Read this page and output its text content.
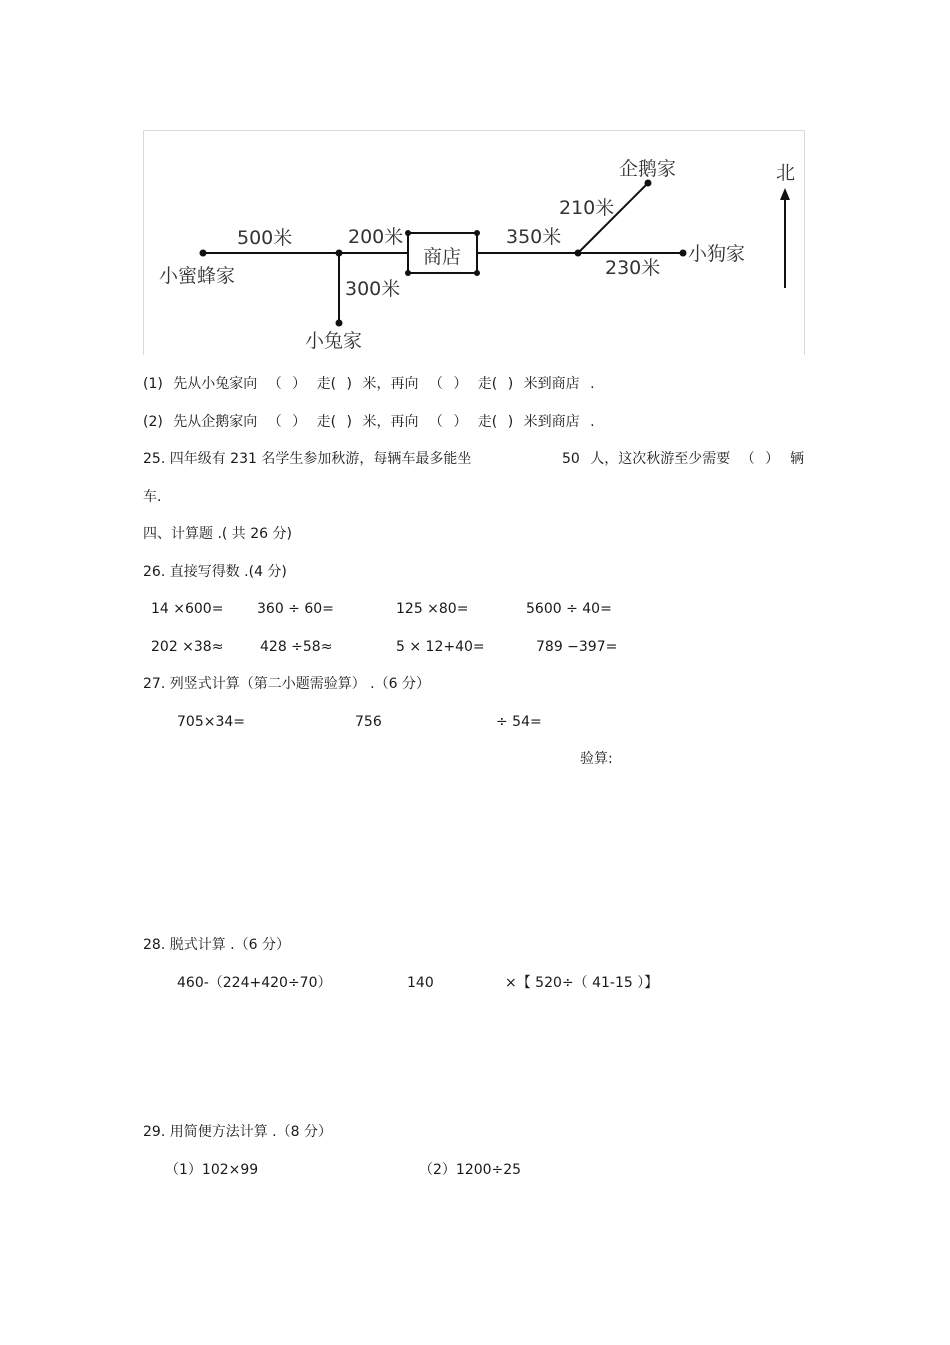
小蜜蜂家
小兔家
商店
企鹅家
小狗家
北
500米	200米
300米
350米
210米
230米
(1) 先从小兔家向 （ ） 走( ) 米，再向 （ ） 走( ) 米到商店 .
(2) 先从企鹅家向 （ ） 走( ) 米，再向 （ ） 走( ) 米到商店 .
25. 四年级有 231 名学生参加秋游，每辆车最多能坐	50 人，这次秋游至少需要 （ ） 辆
车.
四、计算题 .( 共 26 分)
26. 直接写得数 .(4 分)
14 ×600= 360 ÷ 60=	125 ×80=	5600 ÷ 40=
202 ×38≈	428 ÷58≈	5 × 12+40=	789 −397=
27. 列竖式计算（第二小题需验算） .（6 分）
705×34=	756	÷ 54=
验算:
28. 脱式计算 .（6 分）
460-（224+420÷70）	140	×【 520÷（ 41-15 ）】
29. 用简便方法计算 .（8 分）
（1）102×99	（2）1200÷25
